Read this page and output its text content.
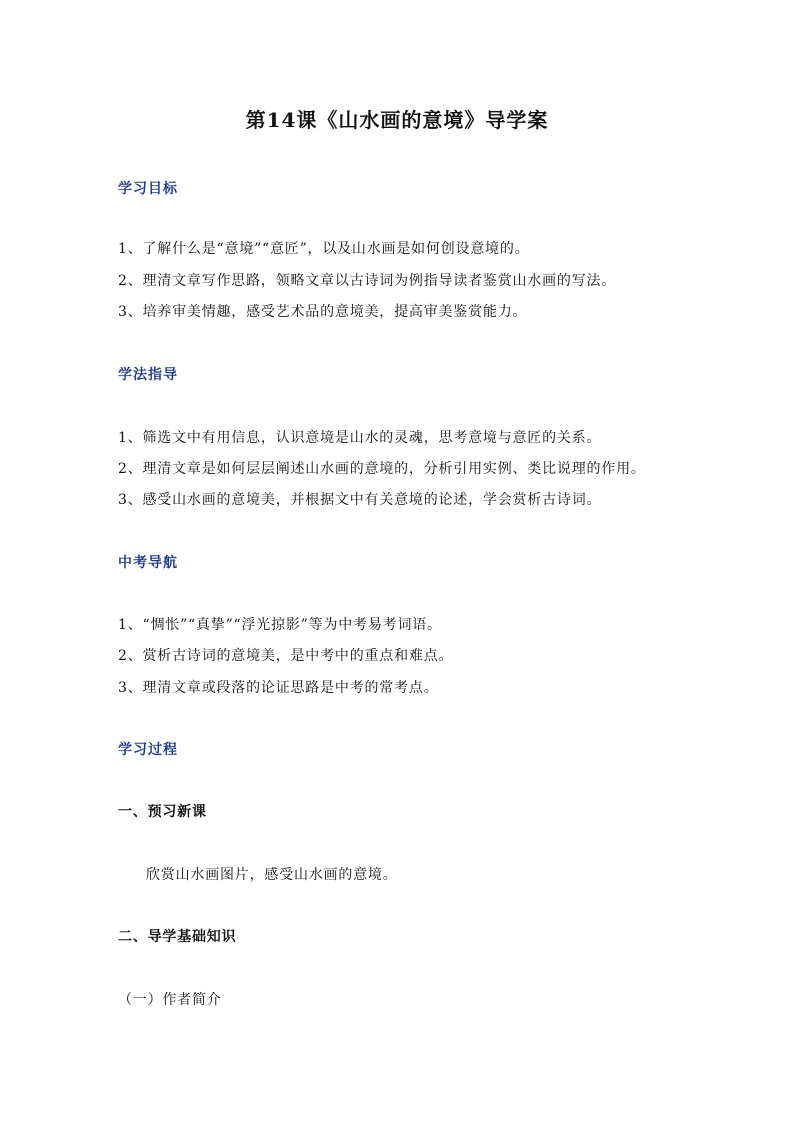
第14课《山水画的意境》导学案
学习目标
1、了解什么是“意境”“意匠”，以及山水画是如何创设意境的。
2、理清文章写作思路，领略文章以古诗词为例指导读者鉴赏山水画的写法。
3、培养审美情趣，感受艺术品的意境美，提高审美鉴赏能力。
学法指导
1、筛选文中有用信息，认识意境是山水的灵魂，思考意境与意匠的关系。
2、理清文章是如何层层阐述山水画的意境的，分析引用实例、类比说理的作用。
3、感受山水画的意境美，并根据文中有关意境的论述，学会赏析古诗词。
中考导航
1、“惆怅”“真挚”“浮光掠影”等为中考易考词语。
2、赏析古诗词的意境美，是中考中的重点和难点。
3、理清文章或段落的论证思路是中考的常考点。
学习过程
一、预习新课
欣赏山水画图片，感受山水画的意境。
二、导学基础知识
（一）作者简介
